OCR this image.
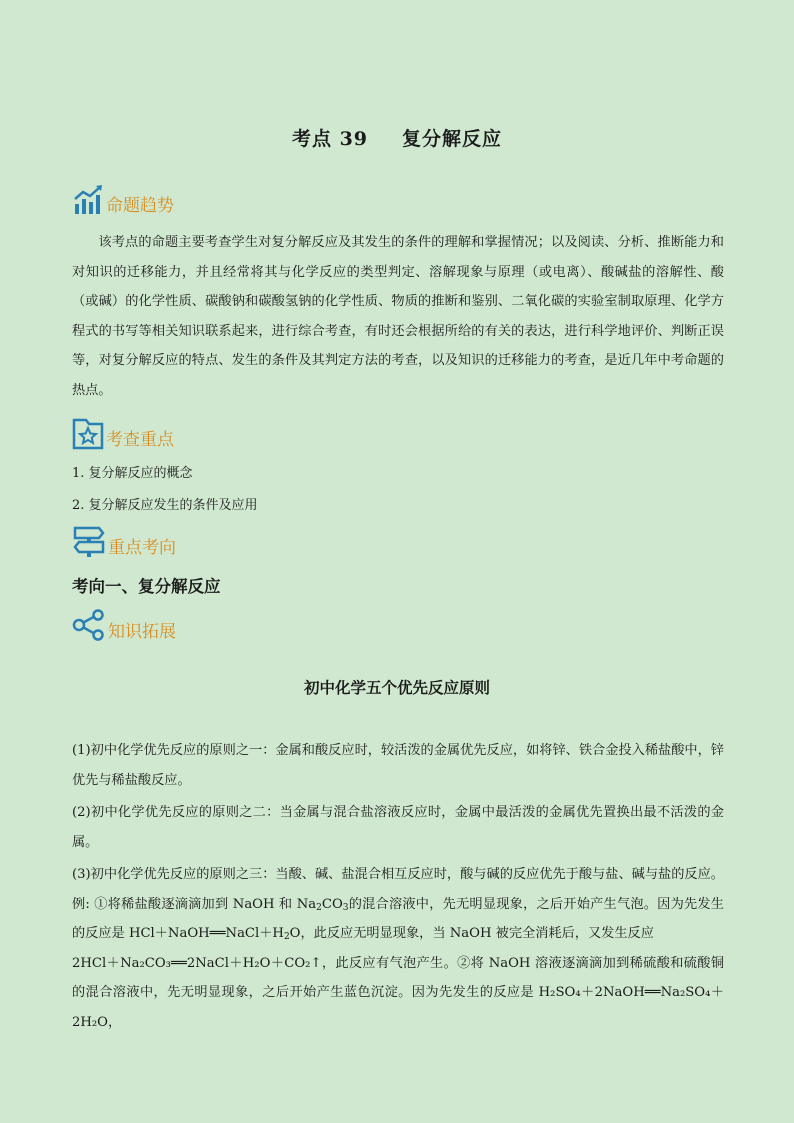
考点 39 复分解反应
命题趋势
该考点的命题主要考查学生对复分解反应及其发生的条件的理解和掌握情况；以及阅读、分析、推断能力和对知识的迁移能力，并且经常将其与化学反应的类型判定、溶解现象与原理（或电离）、酸碱盐的溶解性、酸（或碱）的化学性质、碳酸钠和碳酸氢钠的化学性质、物质的推断和鉴别、二氧化碳的实验室制取原理、化学方程式的书写等相关知识联系起来，进行综合考查，有时还会根据所给的有关的表达，进行科学地评价、判断正误等，对复分解反应的特点、发生的条件及其判定方法的考查，以及知识的迁移能力的考查，是近几年中考命题的热点。
考查重点
1. 复分解反应的概念
2. 复分解反应发生的条件及应用
重点考向
考向一、复分解反应
知识拓展
初中化学五个优先反应原则
(1)初中化学优先反应的原则之一：金属和酸反应时，较活泼的金属优先反应，如将锌、铁合金投入稀盐酸中，锌优先与稀盐酸反应。
(2)初中化学优先反应的原则之二：当金属与混合盐溶液反应时，金属中最活泼的金属优先置换出最不活泼的金属。
(3)初中化学优先反应的原则之三：当酸、碱、盐混合相互反应时，酸与碱的反应优先于酸与盐、碱与盐的反应。例: ①将稀盐酸逐滴滴加到 NaOH 和 $Na_2CO_3$的混合溶液中，先无明显现象，之后开始产生气泡。因为先发生的反应是 $HCl+NaOH══NaCl+H_2O$，此反应无明显现象，当 NaOH 被完全消耗后，又发生反应
2HCl＋Na₂CO₃══2NaCl＋H₂O＋CO₂↑，此反应有气泡产生。②将 NaOH 溶液逐滴滴加到稀硫酸和硫酸铜的混合溶液中，先无明显现象，之后开始产生蓝色沉淀。因为先发生的反应是 H₂SO₄＋2NaOH══Na₂SO₄＋2H₂O，
